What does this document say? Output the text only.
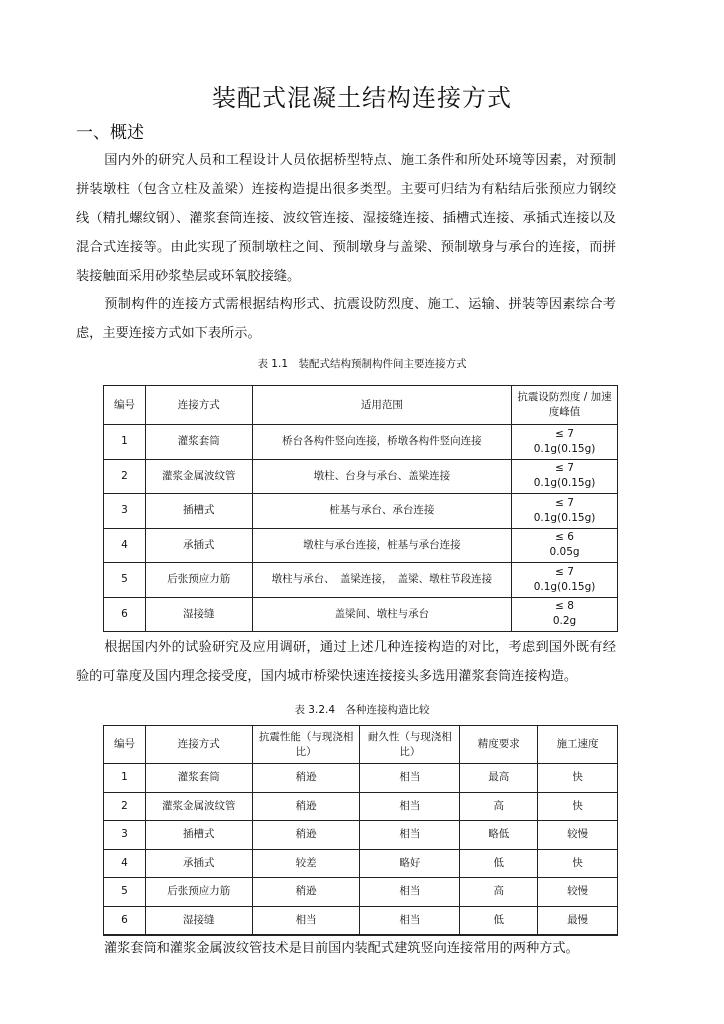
装配式混凝土结构连接方式
一、概述

国内外的研究人员和工程设计人员依据桥型特点、施工条件和所处环境等因素，对预制拼装墩柱（包含立柱及盖梁）连接构造提出很多类型。主要可归结为有粘结后张预应力钢绞线（精扎螺纹钢）、灌浆套筒连接、波纹管连接、湿接缝连接、插槽式连接、承插式连接以及混合式连接等。由此实现了预制墩柱之间、预制墩身与盖梁、预制墩身与承台的连接，而拼装接触面采用砂浆垫层或环氧胶接缝。

预制构件的连接方式需根据结构形式、抗震设防烈度、施工、运输、拼装等因素综合考虑，主要连接方式如下表所示。

表 1.1　装配式结构预制构件间主要连接方式
编号	连接方式	适用范围	抗震设防烈度 / 加速度峰值
1	灌浆套筒	桥台各构件竖向连接，桥墩各构件竖向连接	≤ 7
0.1g(0.15g)

2	灌浆金属波纹管	墩柱、台身与承台、盖梁连接	≤ 7
0.1g(0.15g)

3	插槽式	桩基与承台、承台连接	≤ 7
0.1g(0.15g)

4	承插式	墩柱与承台连接，桩基与承台连接	≤ 6
0.05g

5	后张预应力筋	墩柱与承台、　盖梁连接，　盖梁、墩柱节段连接	≤ 7
0.1g(0.15g)

6	湿接缝	盖梁间、墩柱与承台	≤ 8
0.2g

根据国内外的试验研究及应用调研，通过上述几种连接构造的对比，考虑到国外既有经验的可靠度及国内理念接受度，国内城市桥梁快速连接接头多选用灌浆套筒连接构造。

表 3.2.4　各种连接构造比较
编号	连接方式	抗震性能（与现浇相比）	耐久性（与现浇相比）	精度要求	施工速度
1	灌浆套筒	稍逊	相当	最高	快
2	灌浆金属波纹管	稍逊	相当	高	快
3	插槽式	稍逊	相当	略低	较慢
4	承插式	较差	略好	低	快
5	后张预应力筋	稍逊	相当	高	较慢
6	湿接缝	相当	相当	低	最慢

灌浆套筒和灌浆金属波纹管技术是目前国内装配式建筑竖向连接常用的两种方式。
